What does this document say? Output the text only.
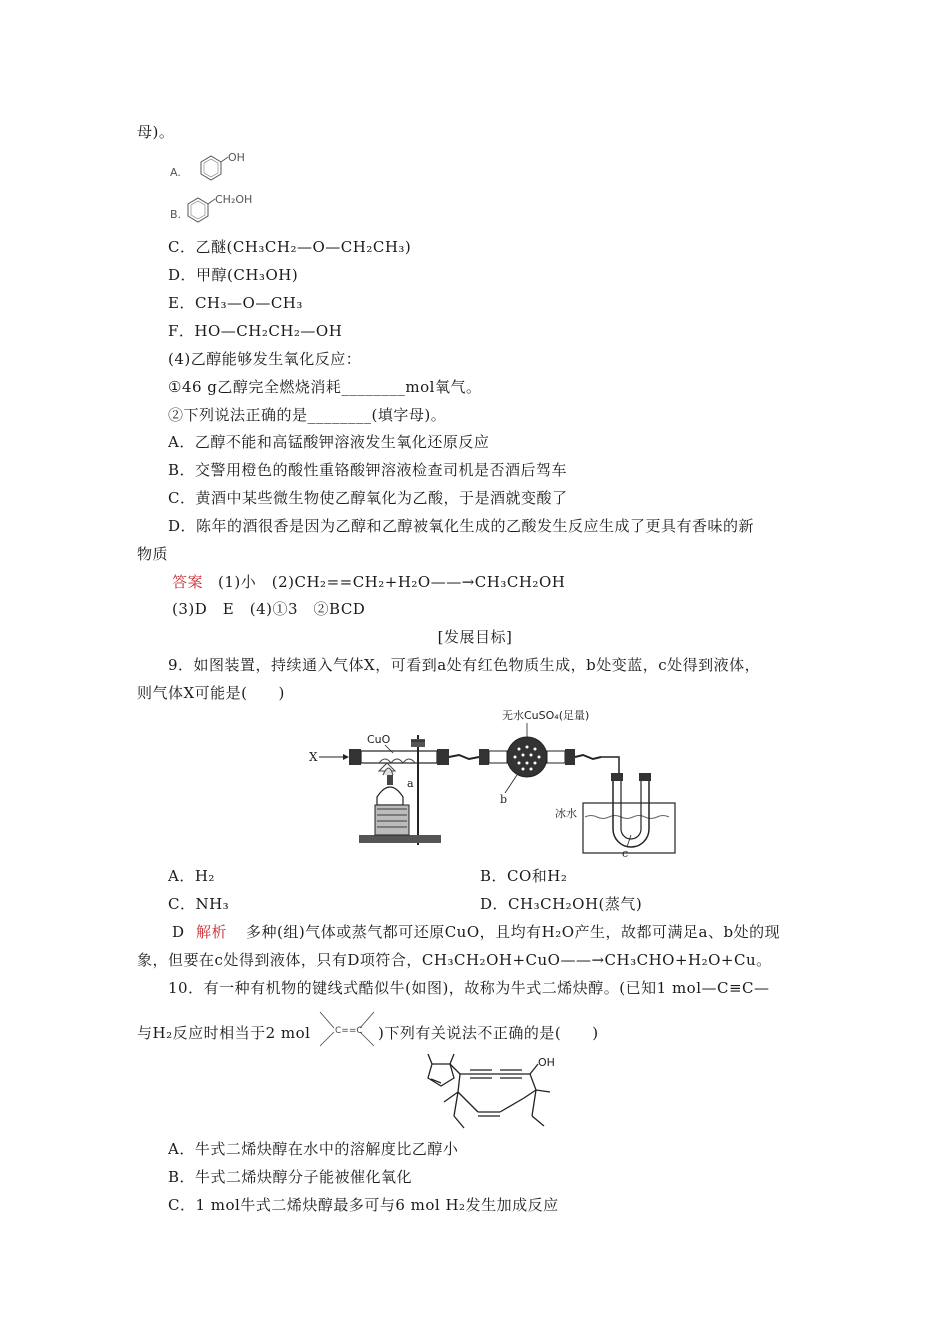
母)。
A.
OH
B.
CH₂OH
C．乙醚(CH₃CH₂—O—CH₂CH₃)
D．甲醇(CH₃OH)
E．CH₃—O—CH₃
F．HO—CH₂CH₂—OH
(4)乙醇能够发生氧化反应：
①46 g乙醇完全燃烧消耗________mol氧气。
②下列说法正确的是________(填字母)。
A．乙醇不能和高锰酸钾溶液发生氧化还原反应
B．交警用橙色的酸性重铬酸钾溶液检查司机是否酒后驾车
C．黄酒中某些微生物使乙醇氧化为乙酸，于是酒就变酸了
D．陈年的酒很香是因为乙醇和乙醇被氧化生成的乙酸发生反应生成了更具有香味的新
物质
答案 (1)小　(2)CH₂==CH₂+H₂O——→CH₃CH₂OH
(3)D　E　(4)①3　②BCD
[发展目标]
9．如图装置，持续通入气体X，可看到a处有红色物质生成，b处变蓝，c处得到液体，
则气体X可能是(　　)
X
CuO
a
无水CuSO₄(足量)
b
冰水
c
A．H₂	B．CO和H₂
C．NH₃	D．CH₃CH₂OH(蒸气)
D 解析 多种(组)气体或蒸气都可还原CuO，且均有H₂O产生，故都可满足a、b处的现
象，但要在c处得到液体，只有D项符合，CH₃CH₂OH+CuO——→CH₃CHO+H₂O+Cu。
10．有一种有机物的键线式酷似牛(如图)，故称为牛式二烯炔醇。(已知1 mol—C≡C—
与H₂反应时相当于2 mol	C==C )下列有关说法不正确的是(　　)
OH
A．牛式二烯炔醇在水中的溶解度比乙醇小
B．牛式二烯炔醇分子能被催化氧化
C．1 mol牛式二烯炔醇最多可与6 mol H₂发生加成反应
